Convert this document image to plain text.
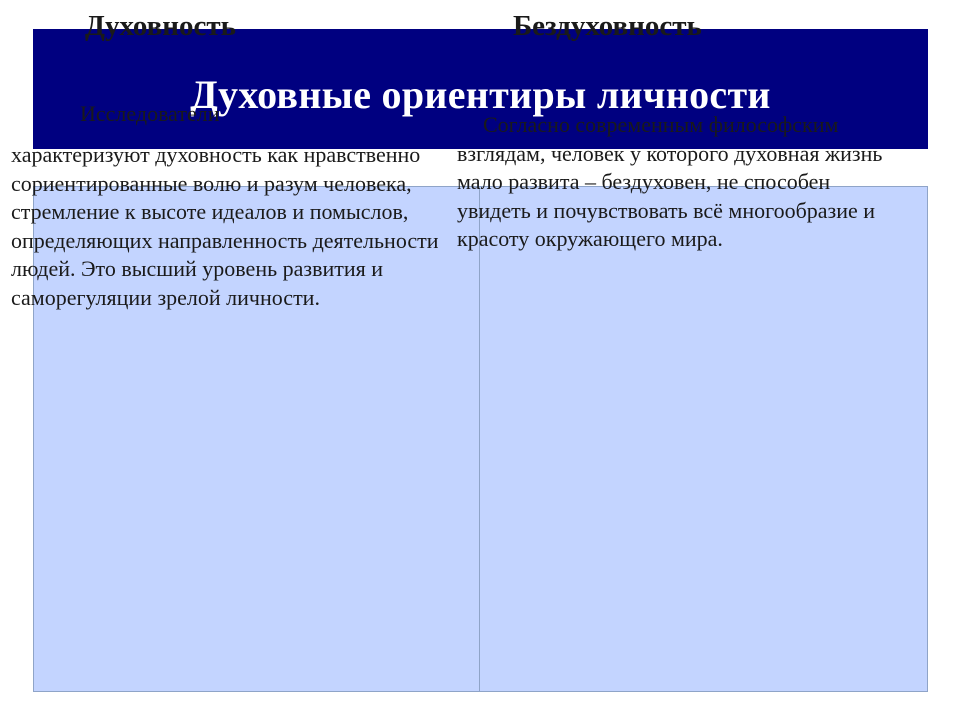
Духовные ориентиры личности
Духовность	Бездуховность
Исследователи
характеризуют духовность как нравственно сориентированные волю и разум человека, стремление к высоте идеалов и помыслов, определяющих направленность деятельности людей. Это высший уровень развития и саморегуляции зрелой личности.
Согласно современным философским взглядам, человек у которого духовная жизнь мало развита – бездуховен, не способен увидеть и почувствовать всё многообразие и красоту окружающего мира.
